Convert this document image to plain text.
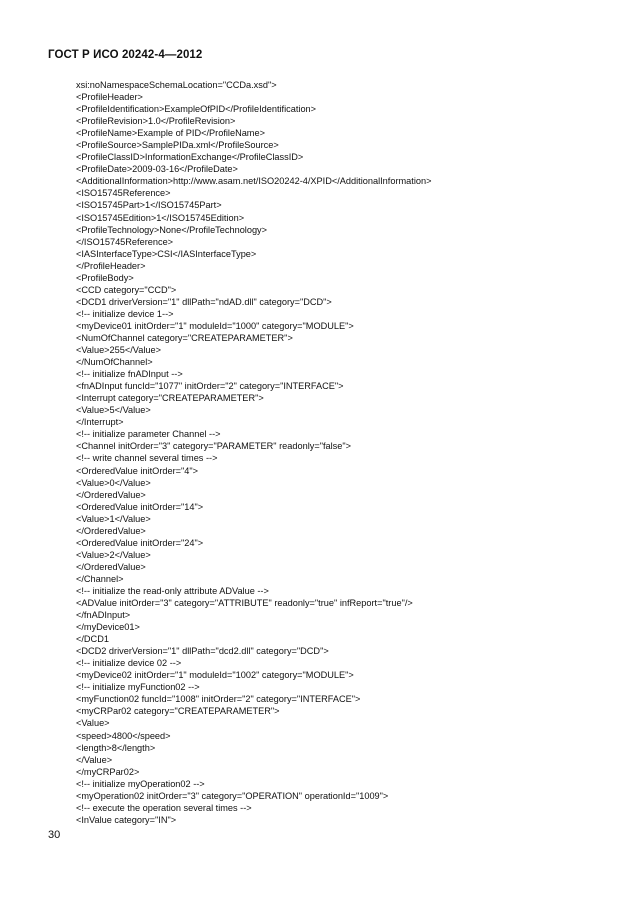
ГОСТ Р ИСО 20242-4—2012
xsi:noNamespaceSchemaLocation="CCDa.xsd">
<ProfileHeader>
<ProfileIdentification>ExampleOfPID</ProfileIdentification>
<ProfileRevision>1.0</ProfileRevision>
<ProfileName>Example of PID</ProfileName>
<ProfileSource>SamplePIDa.xml</ProfileSource>
<ProfileClassID>InformationExchange</ProfileClassID>
<ProfileDate>2009-03-16</ProfileDate>
<AdditionalInformation>http://www.asam.net/ISO20242-4/XPID</AdditionalInformation>
<ISO15745Reference>
<ISO15745Part>1</ISO15745Part>
<ISO15745Edition>1</ISO15745Edition>
<ProfileTechnology>None</ProfileTechnology>
</ISO15745Reference>
<IASInterfaceType>CSI</IASInterfaceType>
</ProfileHeader>
<ProfileBody>
<CCD category="CCD">
<DCD1 driverVersion="1" dllPath="ndAD.dll" category="DCD">
<!-- initialize device 1-->
<myDevice01 initOrder="1" moduleId="1000" category="MODULE">
<NumOfChannel category="CREATEPARAMETER">
<Value>255</Value>
</NumOfChannel>
<!-- initialize fnADInput -->
<fnADInput funcId="1077" initOrder="2" category="INTERFACE">
<Interrupt category="CREATEPARAMETER">
<Value>5</Value>
</Interrupt>
<!-- initialize parameter Channel -->
<Channel initOrder="3" category="PARAMETER" readonly="false">
<!-- write channel several times -->
<OrderedValue initOrder="4">
<Value>0</Value>
</OrderedValue>
<OrderedValue initOrder="14">
<Value>1</Value>
</OrderedValue>
<OrderedValue initOrder="24">
<Value>2</Value>
</OrderedValue>
</Channel>
<!-- initialize the read-only attribute ADValue -->
<ADValue initOrder="3" category="ATTRIBUTE" readonly="true" infReport="true"/>
</fnADInput>
</myDevice01>
</DCD1
<DCD2 driverVersion="1" dllPath="dcd2.dll" category="DCD">
<!-- initialize device 02 -->
<myDevice02 initOrder="1" moduleId="1002" category="MODULE">
<!-- initialize myFunction02 -->
<myFunction02 funcId="1008" initOrder="2" category="INTERFACE">
<myCRPar02 category="CREATEPARAMETER">
<Value>
<speed>4800</speed>
<length>8</length>
</Value>
</myCRPar02>
<!-- initialize myOperation02 -->
<myOperation02 initOrder="3" category="OPERATION" operationId="1009">
<!-- execute the operation several times -->
<InValue category="IN">
30
